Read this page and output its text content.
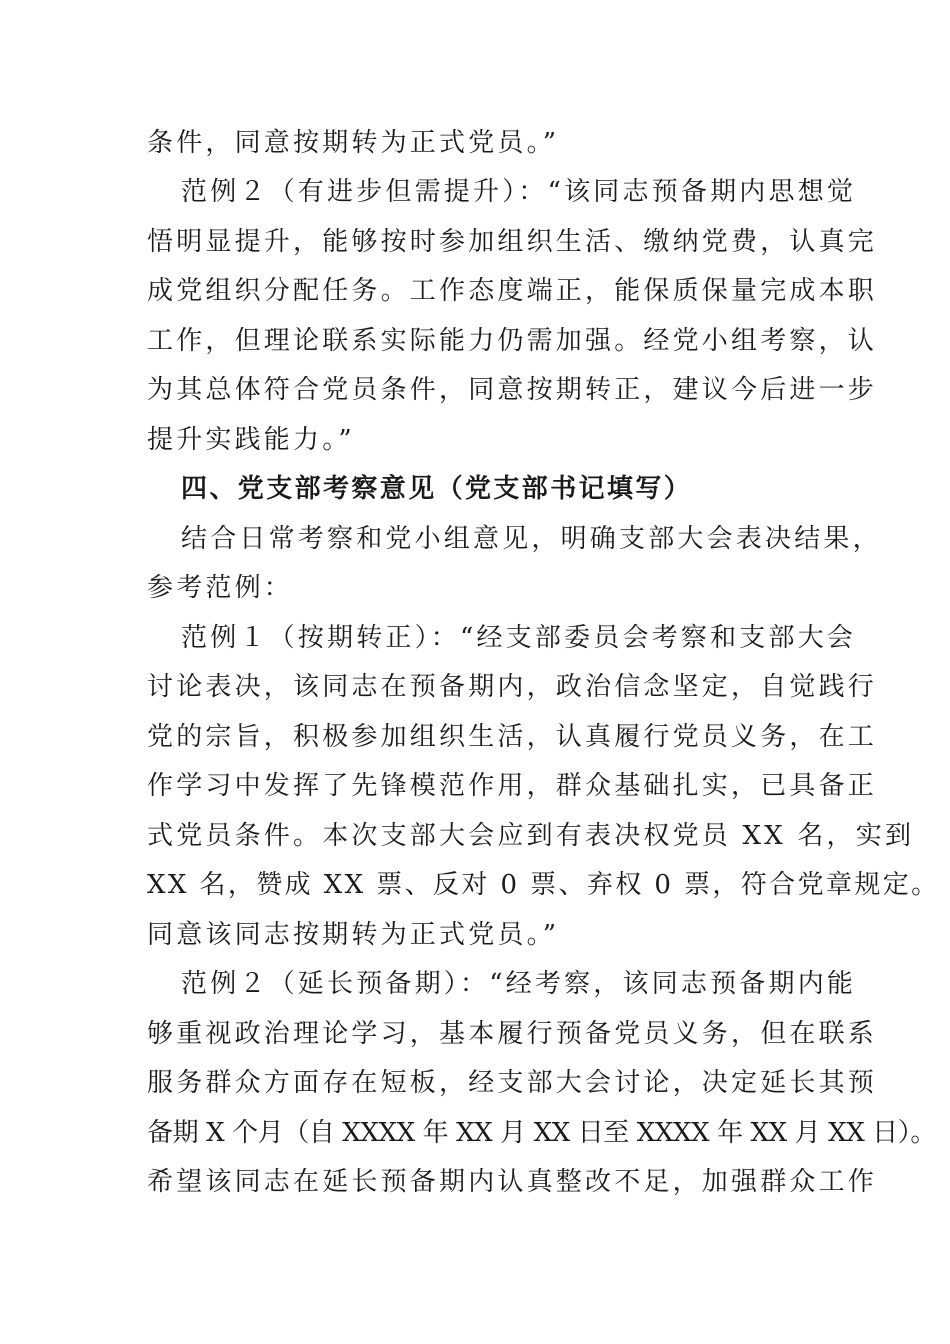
条件，同意按期转为正式党员。”
范例２（有进步但需提升）：“该同志预备期内思想觉
悟明显提升，能够按时参加组织生活、缴纳党费，认真完
成党组织分配任务。工作态度端正，能保质保量完成本职
工作，但理论联系实际能力仍需加强。经党小组考察，认
为其总体符合党员条件，同意按期转正，建议今后进一步
提升实践能力。”
四、党支部考察意见（党支部书记填写）
结合日常考察和党小组意见，明确支部大会表决结果，
参考范例：
范例１（按期转正）：“经支部委员会考察和支部大会
讨论表决，该同志在预备期内，政治信念坚定，自觉践行
党的宗旨，积极参加组织生活，认真履行党员义务，在工
作学习中发挥了先锋模范作用，群众基础扎实，已具备正
式党员条件。本次支部大会应到有表决权党员 XX 名，实到
XX 名，赞成 XX 票、反对 0 票、弃权 0 票，符合党章规定。
同意该同志按期转为正式党员。”
范例２（延长预备期）：“经考察，该同志预备期内能
够重视政治理论学习，基本履行预备党员义务，但在联系
服务群众方面存在短板，经支部大会讨论，决定延长其预
备期 X 个月（自 XXXX 年 XX 月 XX 日至 XXXX 年 XX 月 XX 日）。
希望该同志在延长预备期内认真整改不足，加强群众工作
